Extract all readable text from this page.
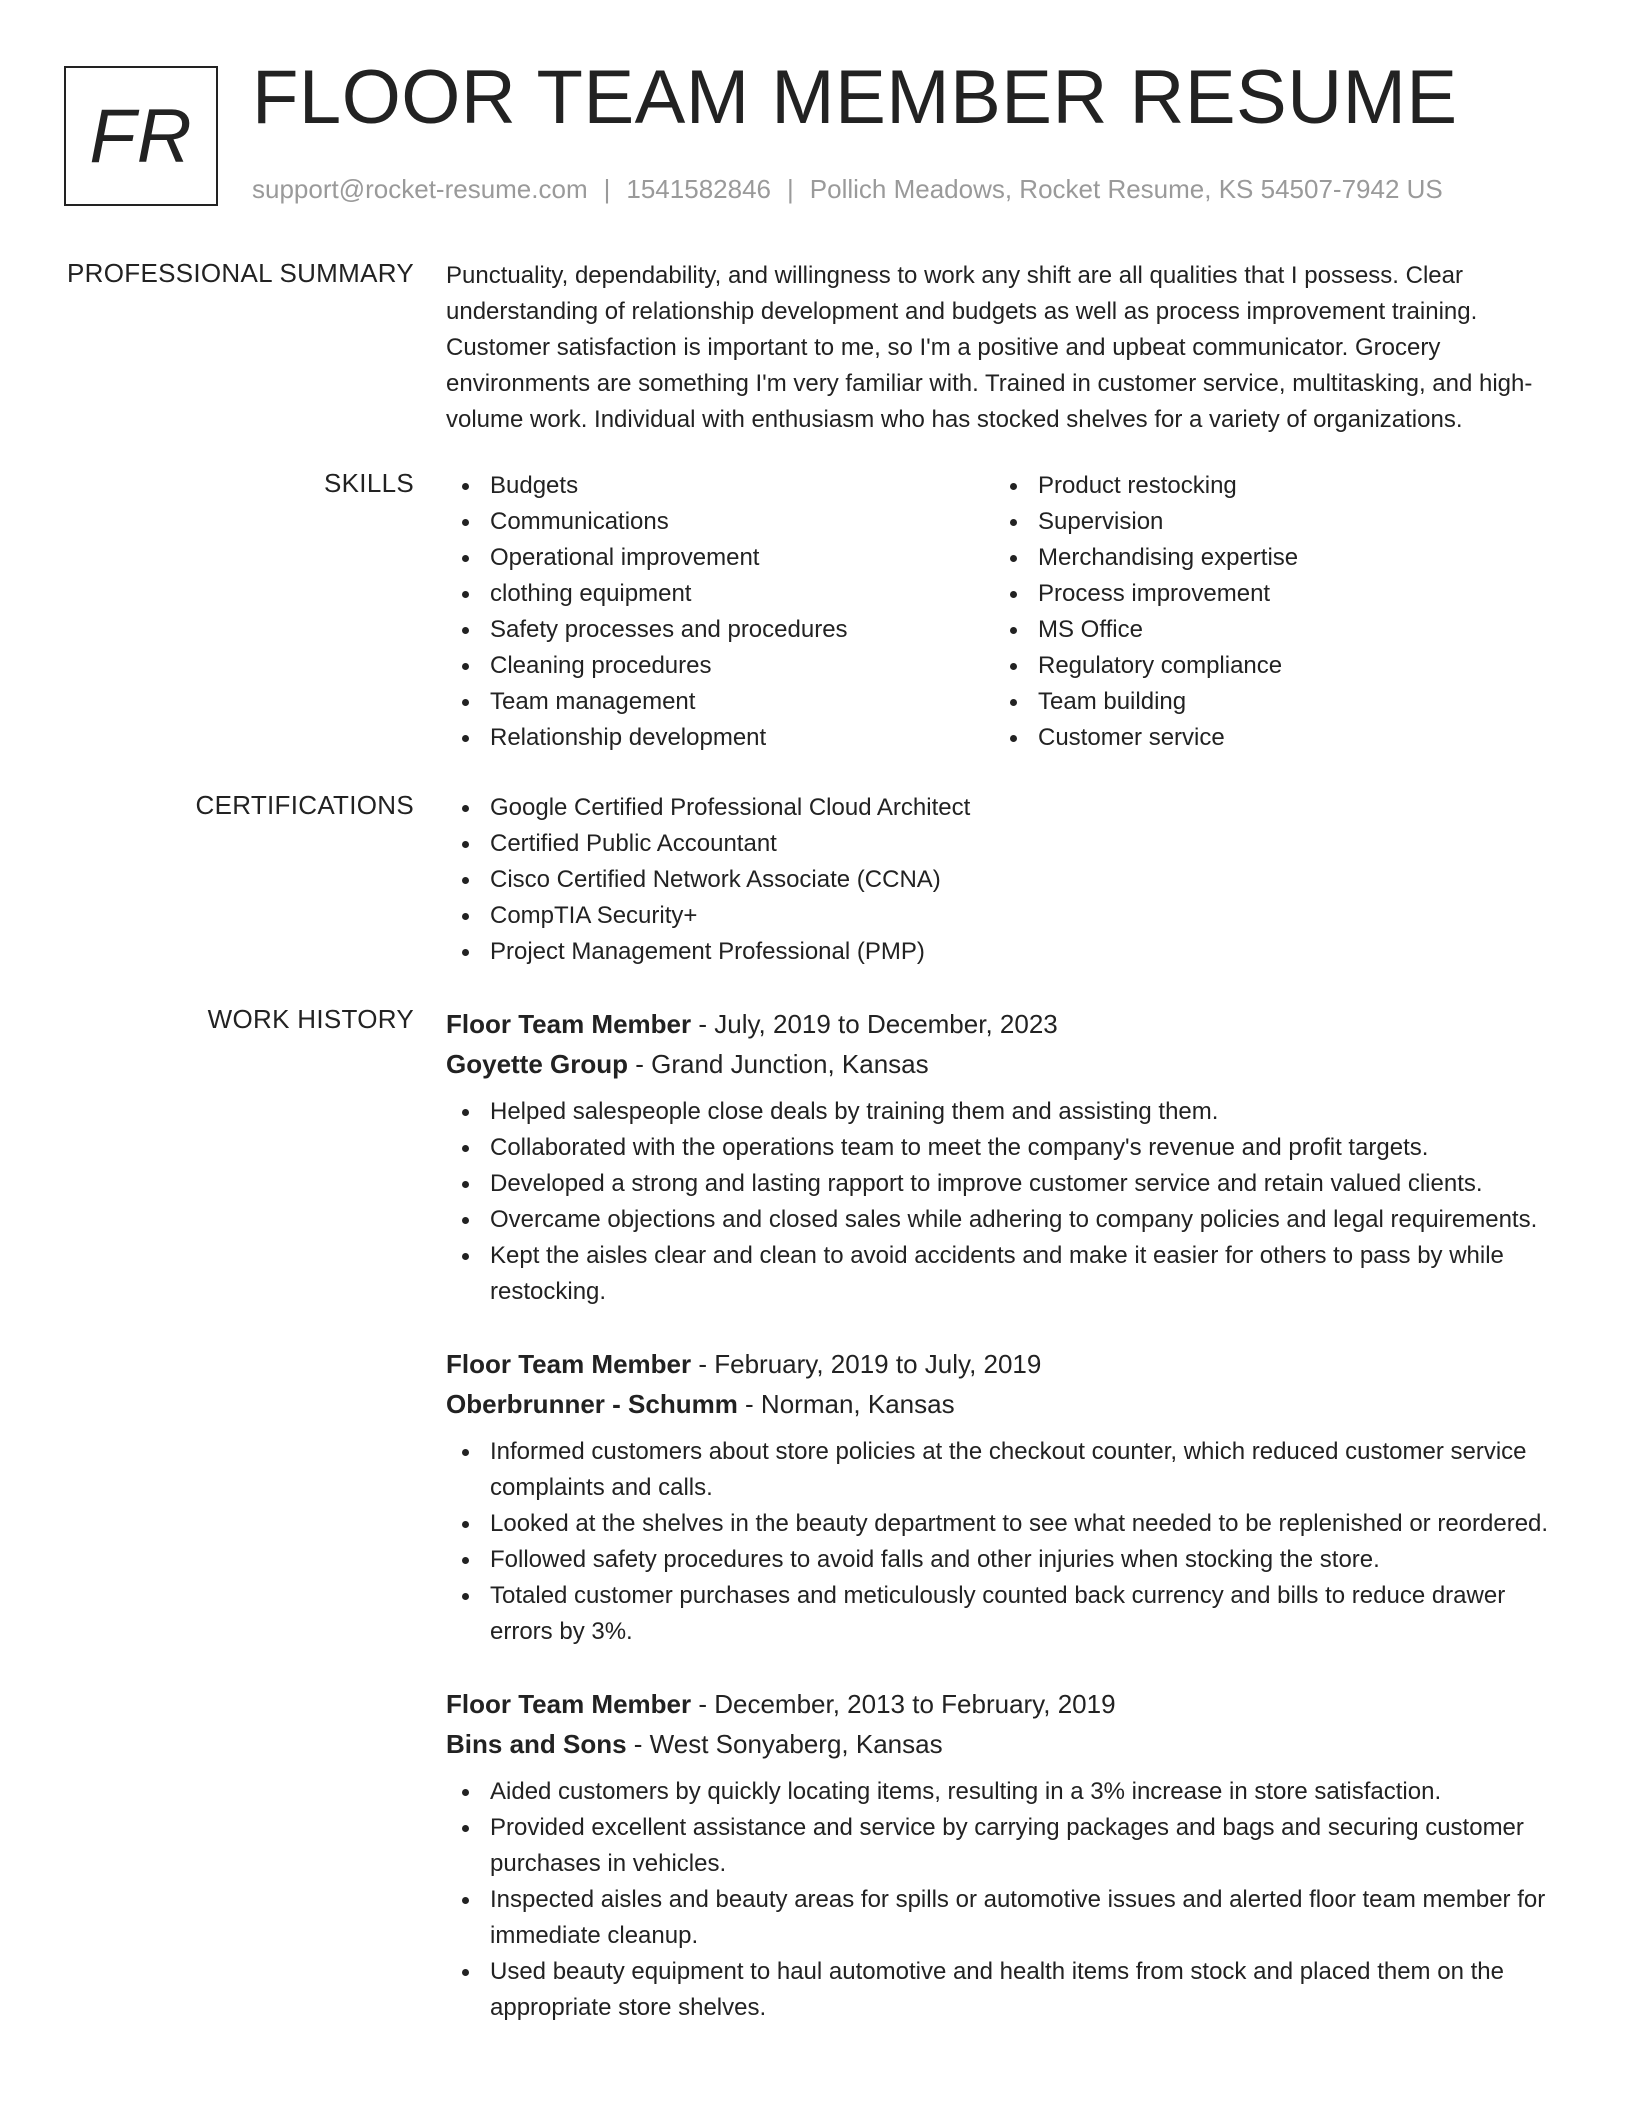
FR FLOOR TEAM MEMBER RESUME
support@rocket-resume.com | 1541582846 | Pollich Meadows, Rocket Resume, KS 54507-7942 US
PROFESSIONAL SUMMARY Punctuality, dependability, and willingness to work any shift are all qualities that I possess. Clear understanding of relationship development and budgets as well as process improvement training. Customer satisfaction is important to me, so I'm a positive and upbeat communicator. Grocery environments are something I'm very familiar with. Trained in customer service, multitasking, and high-volume work. Individual with enthusiasm who has stocked shelves for a variety of organizations.

SKILLS	Budgets
Communications
Operational improvement
clothing equipment
Safety processes and procedures
Cleaning procedures
Team management
Relationship development
Product restocking
Supervision
Merchandising expertise
Process improvement
MS Office
Regulatory compliance
Team building
Customer service
CERTIFICATIONS	Google Certified Professional Cloud Architect
Certified Public Accountant
Cisco Certified Network Associate (CCNA)
CompTIA Security+
Project Management Professional (PMP)
WORK HISTORY Floor Team Member - July, 2019 to December, 2023
Goyette Group - Grand Junction, Kansas
Helped salespeople close deals by training them and assisting them.
Collaborated with the operations team to meet the company's revenue and profit targets.
Developed a strong and lasting rapport to improve customer service and retain valued clients.
Overcame objections and closed sales while adhering to company policies and legal requirements.
Kept the aisles clear and clean to avoid accidents and make it easier for others to pass by while restocking.
Floor Team Member - February, 2019 to July, 2019
Oberbrunner - Schumm - Norman, Kansas
Informed customers about store policies at the checkout counter, which reduced customer service complaints and calls.
Looked at the shelves in the beauty department to see what needed to be replenished or reordered.
Followed safety procedures to avoid falls and other injuries when stocking the store.
Totaled customer purchases and meticulously counted back currency and bills to reduce drawer errors by 3%.
Floor Team Member - December, 2013 to February, 2019
Bins and Sons - West Sonyaberg, Kansas
Aided customers by quickly locating items, resulting in a 3% increase in store satisfaction.
Provided excellent assistance and service by carrying packages and bags and securing customer purchases in vehicles.
Inspected aisles and beauty areas for spills or automotive issues and alerted floor team member for immediate cleanup.
Used beauty equipment to haul automotive and health items from stock and placed them on the appropriate store shelves.
